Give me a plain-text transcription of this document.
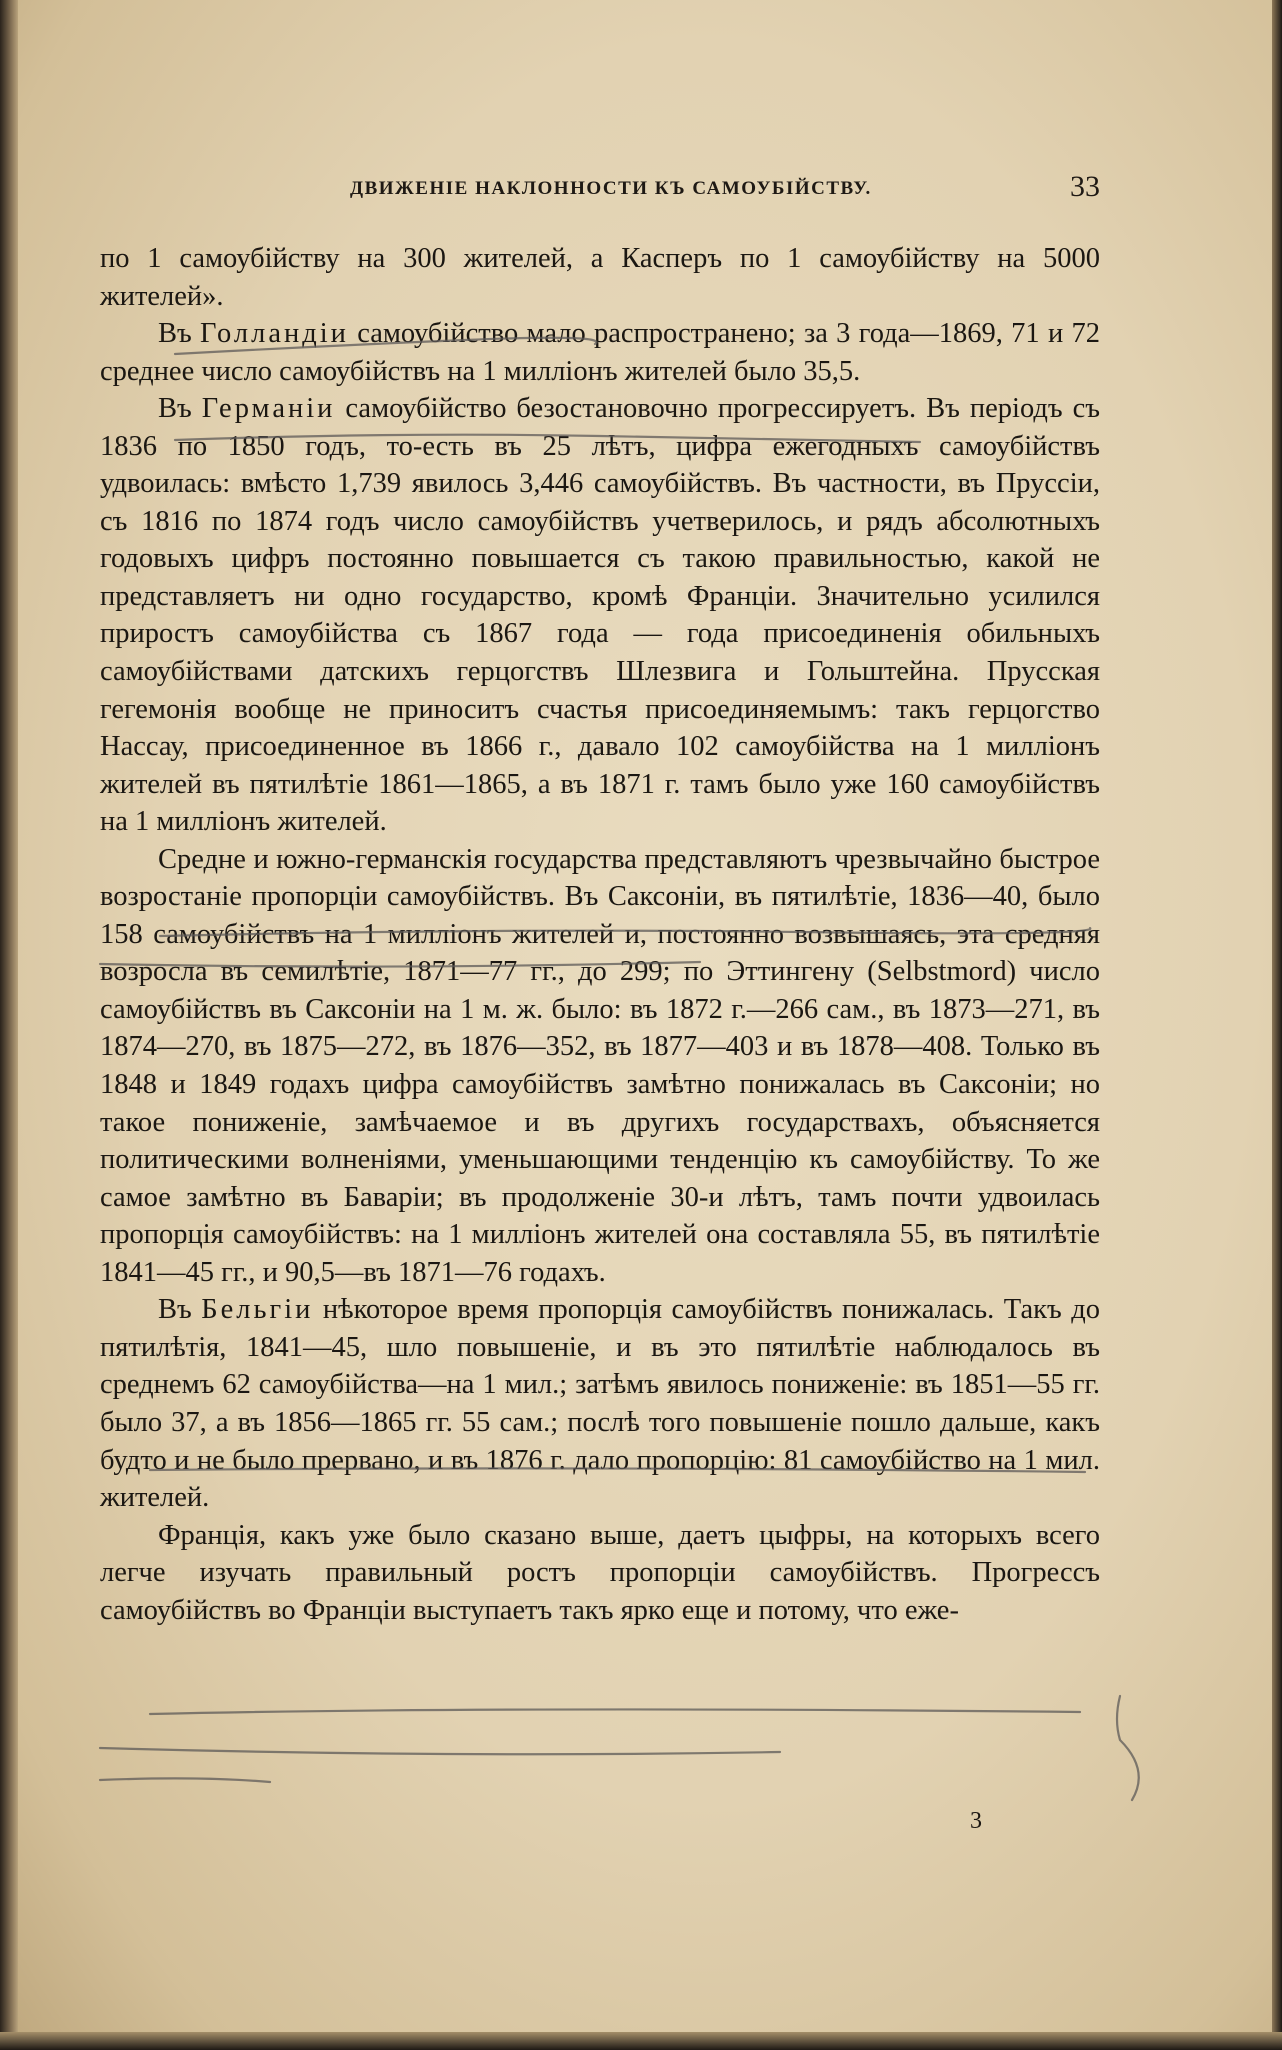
ДВИЖЕНІЕ НАКЛОННОСТИ КЪ САМОУБІЙСТВУ.	33

по 1 самоубійству на 300 жителей, а Касперъ по 1 самоубійству на 5000 жителей».

Въ Голландіи самоубійство мало распространено; за 3 года—1869, 71 и 72 среднее число самоубійствъ на 1 милліонъ жителей было 35,5.

Въ Германіи самоубійство безостановочно прогрессируетъ. Въ періодъ съ 1836 по 1850 годъ, то-есть въ 25 лѣтъ, цифра ежегодныхъ самоубійствъ удвоилась: вмѣсто 1,739 явилось 3,446 самоубійствъ. Въ частности, въ Пруссіи, съ 1816 по 1874 годъ число самоубійствъ учетверилось, и рядъ абсолютныхъ годовыхъ цифръ постоянно повышается съ такою правильностью, какой не представляетъ ни одно государство, кромѣ Франціи. Значительно усилился приростъ самоубійства съ 1867 года — года присоединенія обильныхъ самоубійствами датскихъ герцогствъ Шлезвига и Гольштейна. Прусская гегемонія вообще не приноситъ счастья присоединяемымъ: такъ герцогство Нассау, присоединенное въ 1866 г., давало 102 самоубійства на 1 милліонъ жителей въ пятилѣтіе 1861—1865, а въ 1871 г. тамъ было уже 160 самоубійствъ на 1 милліонъ жителей.

Средне и южно-германскія государства представляютъ чрезвычайно быстрое возростаніе пропорціи самоубійствъ. Въ Саксоніи, въ пятилѣтіе, 1836—40, было 158 самоубійствъ на 1 милліонъ жителей и, постоянно возвышаясь, эта средняя возросла въ семилѣтіе, 1871—77 гг., до 299; по Эттингену (Selbstmord) число самоубійствъ въ Саксоніи на 1 м. ж. было: въ 1872 г.—266 сам., въ 1873—271, въ 1874—270, въ 1875—272, въ 1876—352, въ 1877—403 и въ 1878—408. Только въ 1848 и 1849 годахъ цифра самоубійствъ замѣтно понижалась въ Саксоніи; но такое пониженіе, замѣчаемое и въ другихъ государствахъ, объясняется политическими волненіями, уменьшающими тенденцію къ самоубійству. То же самое замѣтно въ Баваріи; въ продолженіе 30-и лѣтъ, тамъ почти удвоилась пропорція самоубійствъ: на 1 милліонъ жителей она составляла 55, въ пятилѣтіе 1841—45 гг., и 90,5—въ 1871—76 годахъ.

Въ Бельгіи нѣкоторое время пропорція самоубійствъ понижалась. Такъ до пятилѣтія, 1841—45, шло повышеніе, и въ это пятилѣтіе наблюдалось въ среднемъ 62 самоубійства—на 1 мил.; затѣмъ явилось пониженіе: въ 1851—55 гг. было 37, а въ 1856—1865 гг. 55 сам.; послѣ того повышеніе пошло дальше, какъ будто и не было прервано, и въ 1876 г. дало пропорцію: 81 самоубійство на 1 мил. жителей.

Франція, какъ уже было сказано выше, даетъ цыфры, на которыхъ всего легче изучать правильный ростъ пропорціи самоубійствъ. Прогрессъ самоубійствъ во Франціи выступаетъ такъ ярко еще и потому, что еже-

3
